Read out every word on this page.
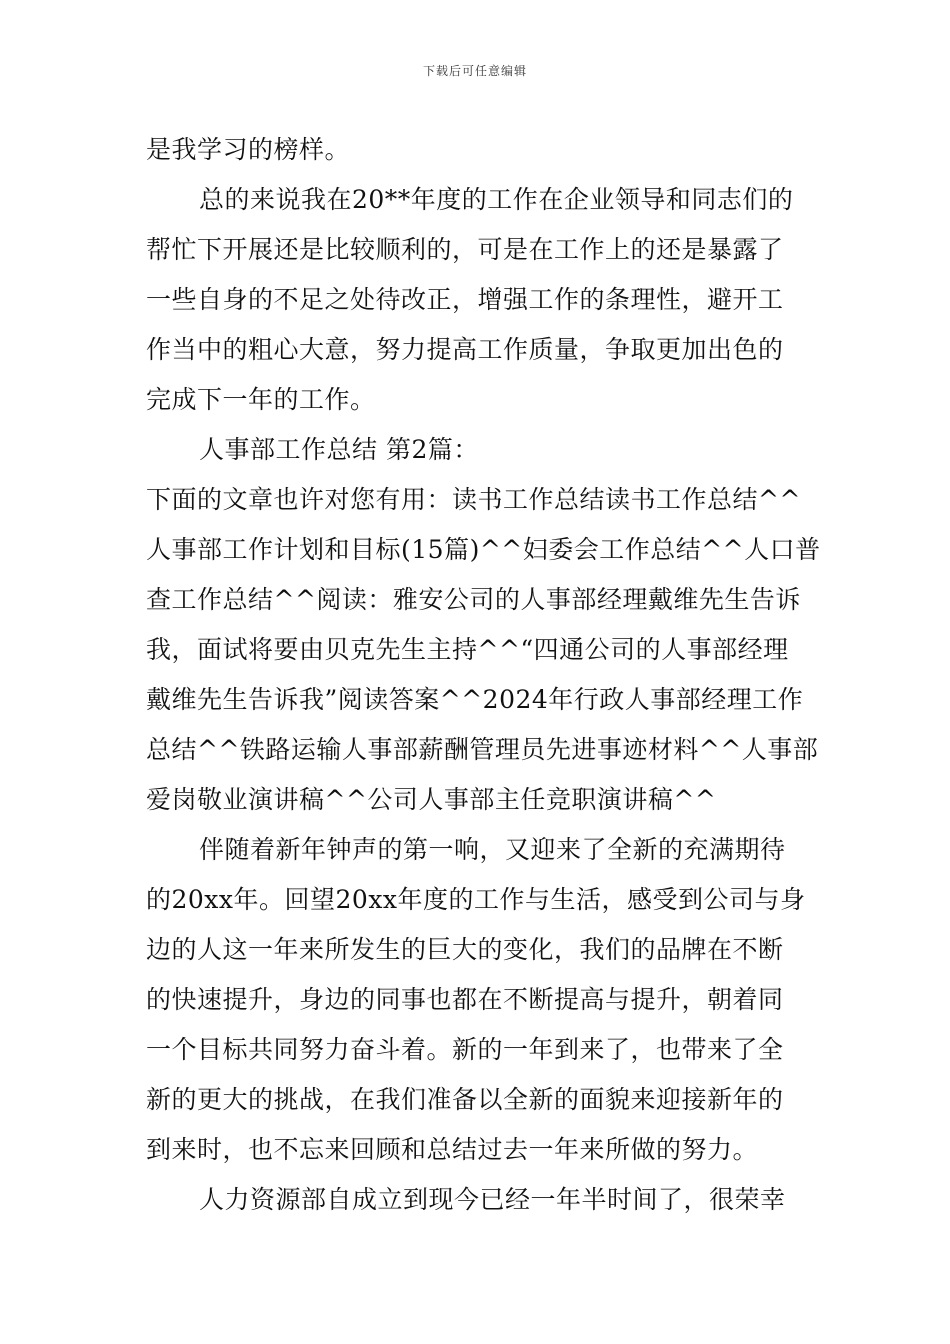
下载后可任意编辑
是我学习的榜样。
总的来说我在20**年度的工作在企业领导和同志们的
帮忙下开展还是比较顺利的，可是在工作上的还是暴露了
一些自身的不足之处待改正，增强工作的条理性，避开工
作当中的粗心大意，努力提高工作质量，争取更加出色的
完成下一年的工作。
人事部工作总结 第2篇：
下面的文章也许对您有用：读书工作总结读书工作总结^^
人事部工作计划和目标(15篇)^^妇委会工作总结^^人口普
查工作总结^^阅读：雅安公司的人事部经理戴维先生告诉
我，面试将要由贝克先生主持^^“四通公司的人事部经理
戴维先生告诉我”阅读答案^^2024年行政人事部经理工作
总结^^铁路运输人事部薪酬管理员先进事迹材料^^人事部
爱岗敬业演讲稿^^公司人事部主任竞职演讲稿^^
伴随着新年钟声的第一响，又迎来了全新的充满期待
的20xx年。回望20xx年度的工作与生活，感受到公司与身
边的人这一年来所发生的巨大的变化，我们的品牌在不断
的快速提升，身边的同事也都在不断提高与提升，朝着同
一个目标共同努力奋斗着。新的一年到来了，也带来了全
新的更大的挑战，在我们准备以全新的面貌来迎接新年的
到来时，也不忘来回顾和总结过去一年来所做的努力。
人力资源部自成立到现今已经一年半时间了，很荣幸
